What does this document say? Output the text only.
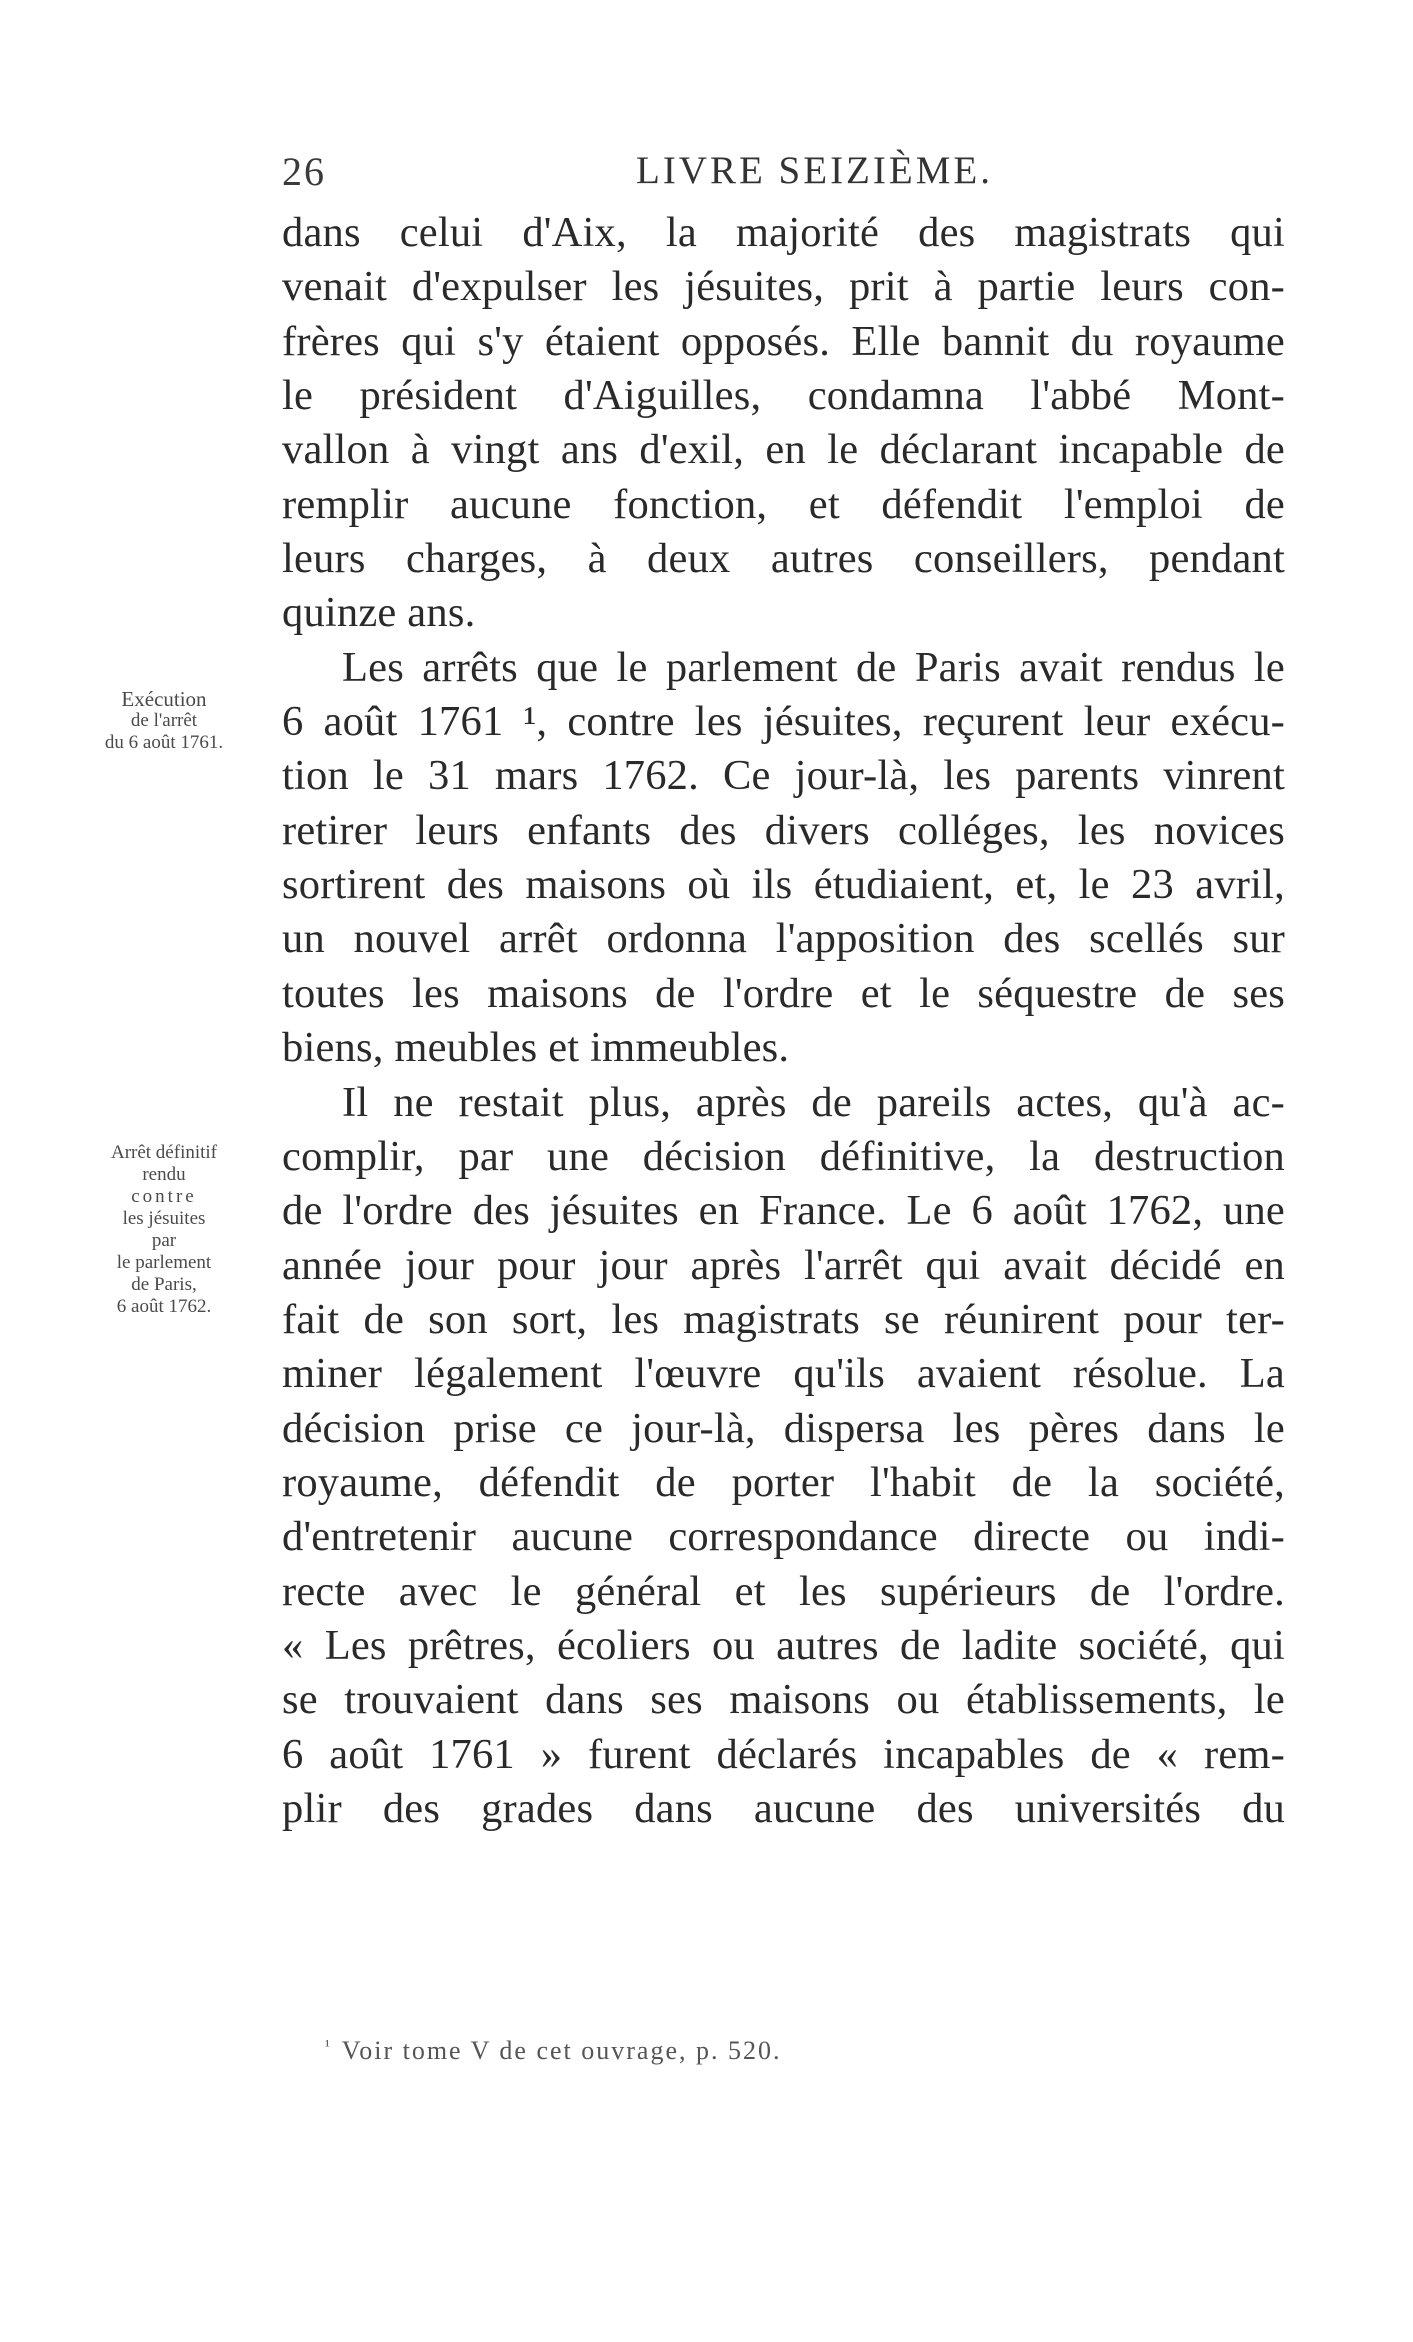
26	LIVRE SEIZIÈME.
Exécution
de l'arrêt
du 6 août 1761.
Arrêt définitif
rendu
contre
les jésuites
par
le parlement
de Paris,
6 août 1762.
dans celui d'Aix, la majorité des magistrats qui
venait d'expulser les jésuites, prit à partie leurs con-
frères qui s'y étaient opposés. Elle bannit du royaume
le président d'Aiguilles, condamna l'abbé Mont-
vallon à vingt ans d'exil, en le déclarant incapable de
remplir aucune fonction, et défendit l'emploi de
leurs charges, à deux autres conseillers, pendant
quinze ans.
Les arrêts que le parlement de Paris avait rendus le
6 août 1761 ¹, contre les jésuites, reçurent leur exécu-
tion le 31 mars 1762. Ce jour-là, les parents vinrent
retirer leurs enfants des divers colléges, les novices
sortirent des maisons où ils étudiaient, et, le 23 avril,
un nouvel arrêt ordonna l'apposition des scellés sur
toutes les maisons de l'ordre et le séquestre de ses
biens, meubles et immeubles.
Il ne restait plus, après de pareils actes, qu'à ac-
complir, par une décision définitive, la destruction
de l'ordre des jésuites en France. Le 6 août 1762, une
année jour pour jour après l'arrêt qui avait décidé en
fait de son sort, les magistrats se réunirent pour ter-
miner légalement l'œuvre qu'ils avaient résolue. La
décision prise ce jour-là, dispersa les pères dans le
royaume, défendit de porter l'habit de la société,
d'entretenir aucune correspondance directe ou indi-
recte avec le général et les supérieurs de l'ordre.
« Les prêtres, écoliers ou autres de ladite société, qui
se trouvaient dans ses maisons ou établissements, le
6 août 1761 » furent déclarés incapables de « rem-
plir des grades dans aucune des universités du
$^{^1}$ Voir tome V de cet ouvrage, p. 520.
